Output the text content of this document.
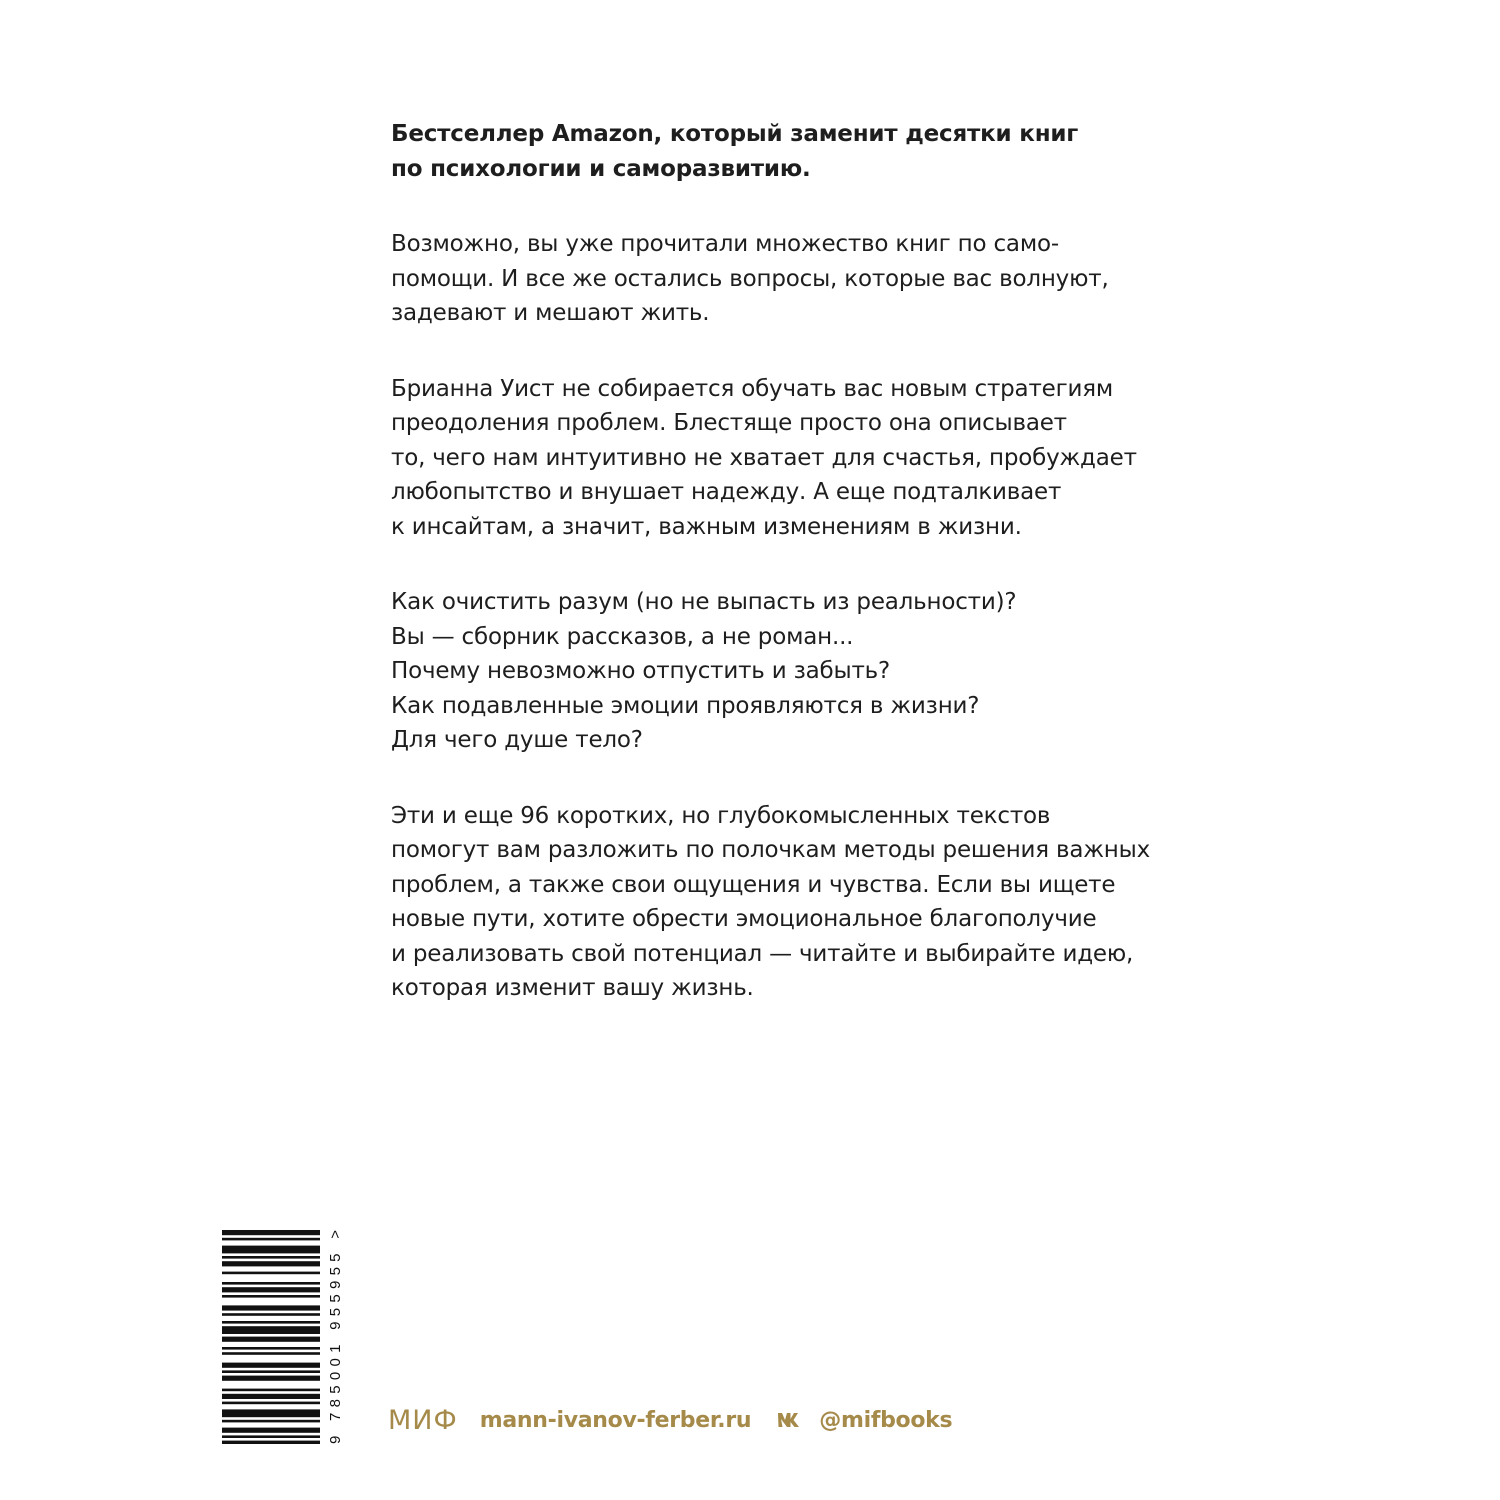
Бестселлер Amazon, который заменит десятки книг
по психологии и саморазвитию.

Возможно, вы уже прочитали множество книг по само-
помощи. И все же остались вопросы, которые вас волнуют,
задевают и мешают жить.

Брианна Уист не собирается обучать вас новым стратегиям
преодоления проблем. Блестяще просто она описывает
то, чего нам интуитивно не хватает для счастья, пробуждает
любопытство и внушает надежду. А еще подталкивает
к инсайтам, а значит, важным изменениям в жизни.

Как очистить разум (но не выпасть из реальности)?
Вы — сборник рассказов, а не роман...
Почему невозможно отпустить и забыть?
Как подавленные эмоции проявляются в жизни?
Для чего душе тело?

Эти и еще 96 коротких, но глубокомысленных текстов
помогут вам разложить по полочкам методы решения важных
проблем, а также свои ощущения и чувства. Если вы ищете
новые пути, хотите обрести эмоциональное благополучие
и реализовать свой потенциал — читайте и выбирайте идею,
которая изменит вашу жизнь.

9 785001 955955 >
МИФ mann-ivanov-ferber.ru	@mifbooks
